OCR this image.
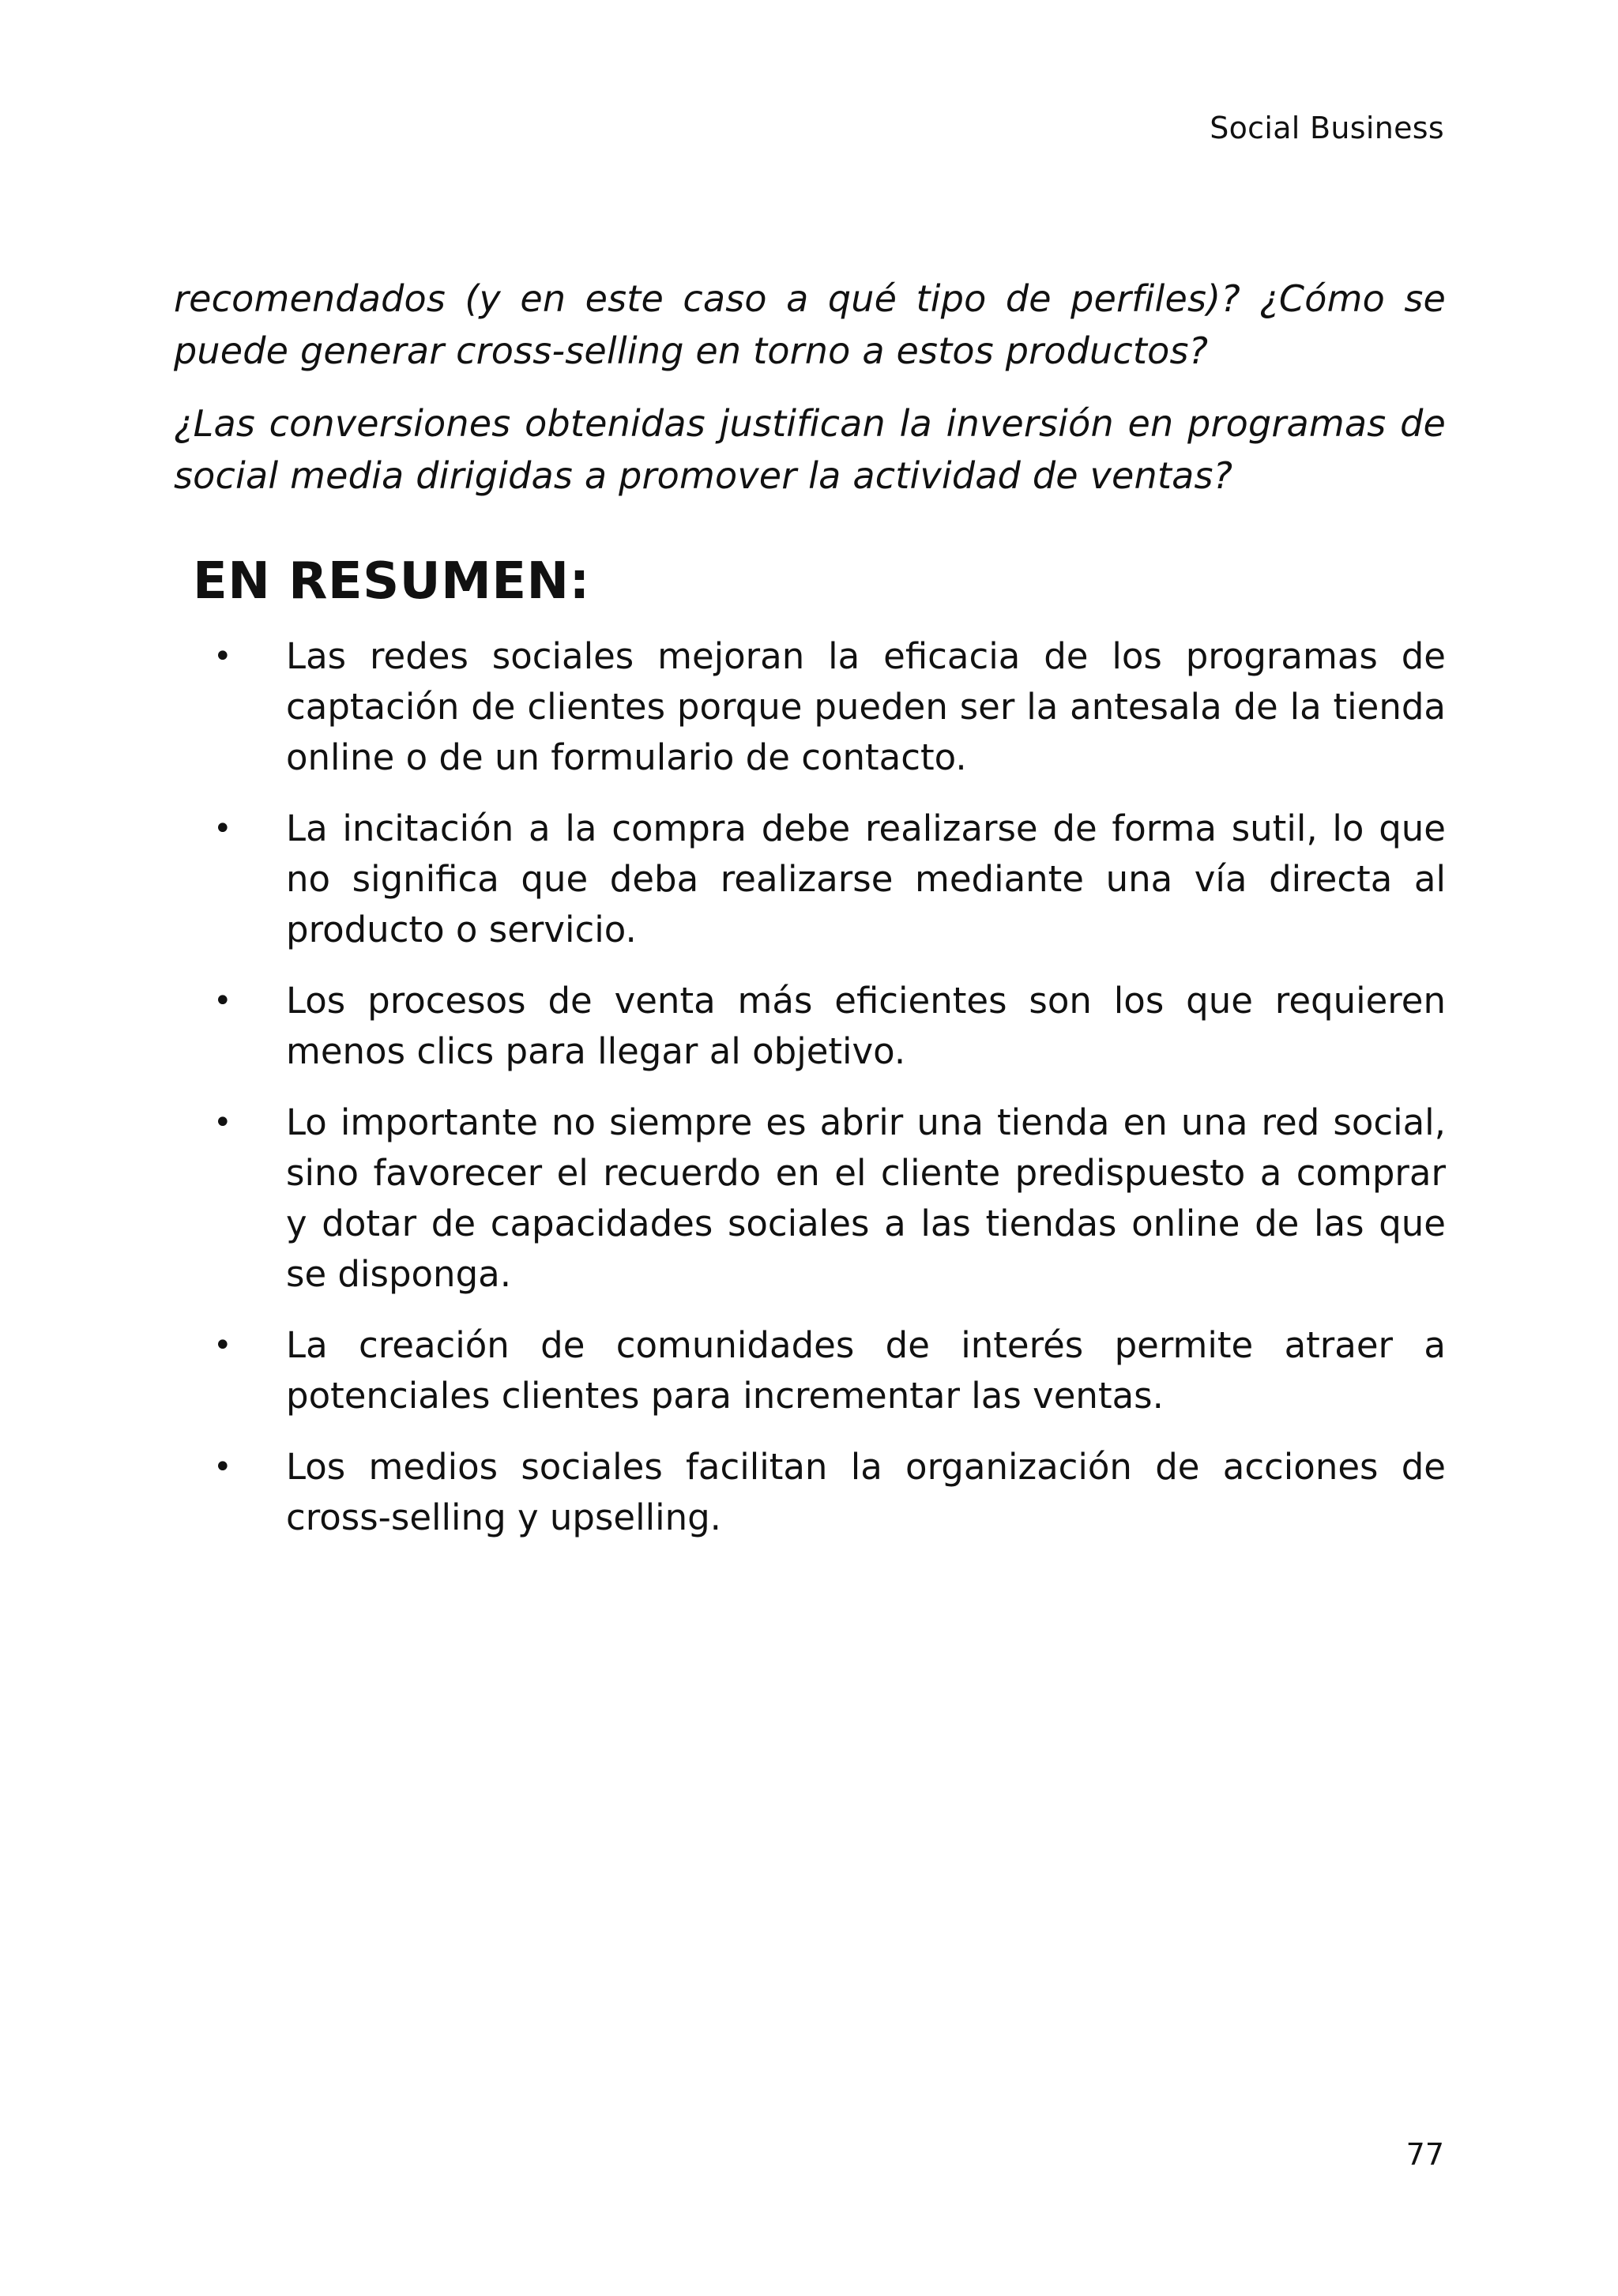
Social Business

recomendados (y en este caso a qué tipo de perfiles)? ¿Cómo se puede generar cross-selling en torno a estos productos?

¿Las conversiones obtenidas justifican la inversión en programas de social media dirigidas a promover la actividad de ventas?

EN RESUMEN:
• Las redes sociales mejoran la eficacia de los programas de captación de clientes porque pueden ser la antesala de la tienda online o de un formulario de contacto.
• La incitación a la compra debe realizarse de forma sutil, lo que no significa que deba realizarse mediante una vía directa al producto o servicio.
• Los procesos de venta más eficientes son los que requieren menos clics para llegar al objetivo.
• Lo importante no siempre es abrir una tienda en una red social, sino favorecer el recuerdo en el cliente predispuesto a comprar y dotar de capacidades sociales a las tiendas online de las que se disponga.
• La creación de comunidades de interés permite atraer a potenciales clientes para incrementar las ventas.
• Los medios sociales facilitan la organización de acciones de cross-selling y upselling.
77
